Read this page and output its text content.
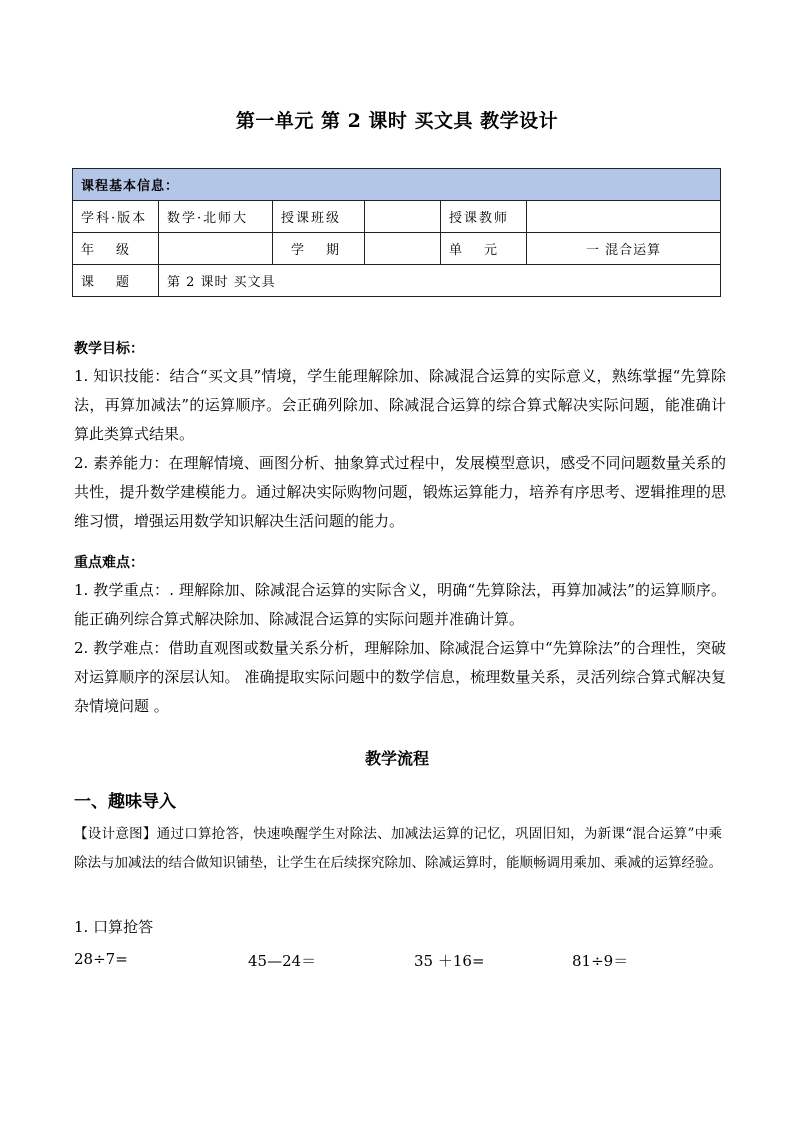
第一单元 第 2 课时 买文具 教学设计
课程基本信息：					
学科·版本	数学·北师大	授课班级		授课教师	
年级		学期		单元	一 混合运算
课题	第 2 课时 买文具				
教学目标：
1. 知识技能：结合“买文具”情境，学生能理解除加、除减混合运算的实际意义，熟练掌握“先算除法，再算加减法”的运算顺序。会正确列除加、除减混合运算的综合算式解决实际问题，能准确计算此类算式结果。
2. 素养能力：在理解情境、画图分析、抽象算式过程中，发展模型意识，感受不同问题数量关系的共性，提升数学建模能力。通过解决实际购物问题，锻炼运算能力，培养有序思考、逻辑推理的思维习惯，增强运用数学知识解决生活问题的能力。
重点难点：
1. 教学重点：. 理解除加、除减混合运算的实际含义，明确“先算除法，再算加减法”的运算顺序。能正确列综合算式解决除加、除减混合运算的实际问题并准确计算。
2. 教学难点：借助直观图或数量关系分析，理解除加、除减混合运算中“先算除法”的合理性，突破对运算顺序的深层认知。 准确提取实际问题中的数学信息，梳理数量关系，灵活列综合算式解决复杂情境问题 。
教学流程
一、趣味导入
【设计意图】通过口算抢答，快速唤醒学生对除法、加减法运算的记忆，巩固旧知，为新课“混合运算”中乘除法与加减法的结合做知识铺垫，让学生在后续探究除加、除减运算时，能顺畅调用乘加、乘减的运算经验。
1. 口算抢答
28÷7=	45—24＝	35 ＋16=	81÷9＝
